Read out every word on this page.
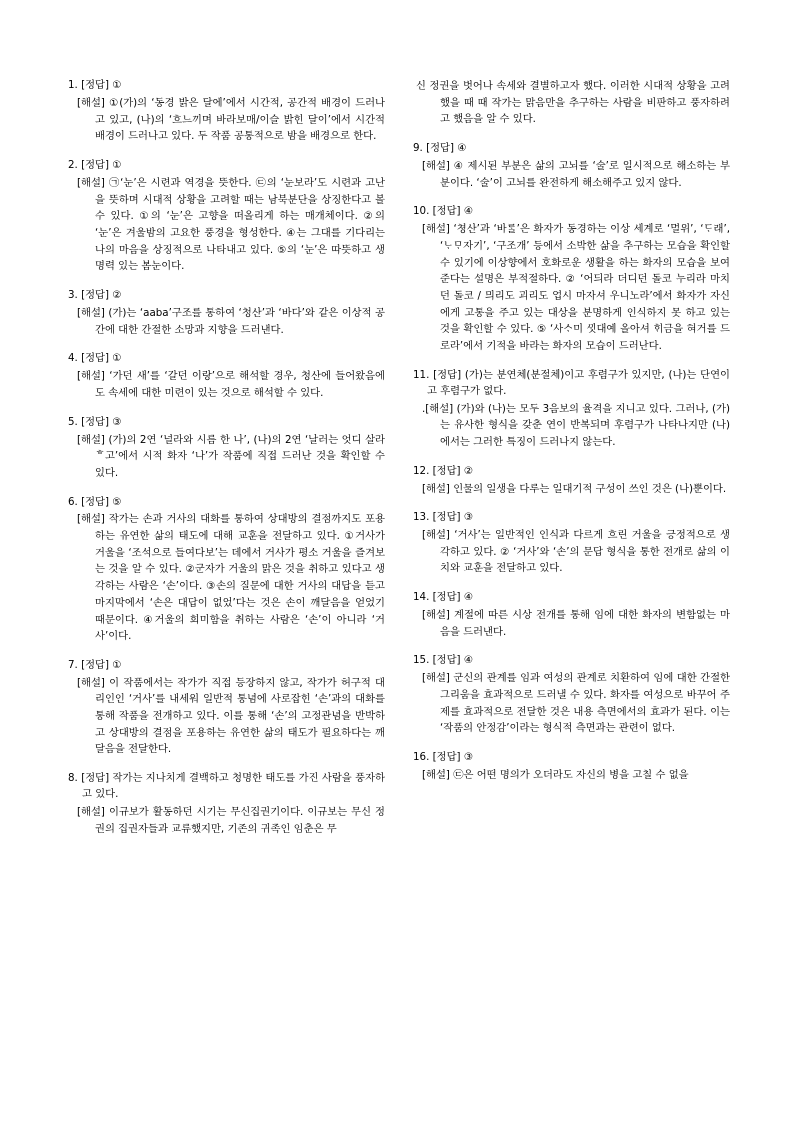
1. [정답] ①

[해설] ①(가)의 ‘동경 밝은 달에’에서 시간적, 공간적 배경이 드러나고 있고, (나)의 ‘흐느끼며 바라보매/이슬 밝힌 달이’에서 시간적 배경이 드러나고 있다. 두 작품 공통적으로 밤을 배경으로 한다.

2. [정답] ①

[해설] ㉠‘눈’은 시련과 역경을 뜻한다. ㉢의 ‘눈보라’도 시련과 고난을 뜻하며 시대적 상황을 고려할 때는 남북분단을 상징한다고 볼 수 있다. ①의 ‘눈’은 고향을 떠올리게 하는 매개체이다. ②의 ‘눈’은 겨울밤의 고요한 풍경을 형성한다. ④는 그대를 기다리는 나의 마음을 상징적으로 나타내고 있다. ⑤의 ‘눈’은 따뜻하고 생명력 있는 봄눈이다.

3. [정답] ②

[해설] (가)는 ‘aaba’구조를 통하여 ‘청산’과 ‘바다’와 같은 이상적 공간에 대한 간절한 소망과 지향을 드러낸다.

4. [정답] ①

[해설] ‘가던 새’를 ‘갈던 이랑’으로 해석할 경우, 청산에 들어왔음에도 속세에 대한 미련이 있는 것으로 해석할 수 있다.

5. [정답] ③

[해설] (가)의 2연 ‘널라와 시름 한 나’, (나)의 2연 ‘날러는 엇디 살라 ᄒ고’에서 시적 화자 ‘나’가 작품에 직접 드러난 것을 확인할 수 있다.

6. [정답] ⑤

[해설] 작가는 손과 거사의 대화를 통하여 상대방의 결점까지도 포용하는 유연한 삶의 태도에 대해 교훈을 전달하고 있다. ①거사가 거울을 ‘조석으로 들여다보’는 데에서 거사가 평소 거울을 즐겨보는 것을 알 수 있다. ②군자가 거울의 맑은 것을 취하고 있다고 생각하는 사람은 ‘손’이다. ③손의 질문에 대한 거사의 대답을 듣고 마지막에서 ‘손은 대답이 없었’다는 것은 손이 깨달음을 얻었기 때문이다. ④거울의 희미함을 취하는 사람은 ‘손’이 아니라 ‘거사’이다.

7. [정답] ①

[해설] 이 작품에서는 작가가 직접 등장하지 않고, 작가가 허구적 대리인인 ‘거사’를 내세워 일반적 통념에 사로잡힌 ‘손’과의 대화를 통해 작품을 전개하고 있다. 이를 통해 ‘손’의 고정관념을 반박하고 상대방의 결점을 포용하는 유연한 삶의 태도가 필요하다는 깨달음을 전달한다.

8. [정답] 작가는 지나치게 결백하고 청명한 태도를 가진 사람을 풍자하고 있다.

[해설] 이규보가 활동하던 시기는 무신집권기이다. 이규보는 무신 정권의 집권자들과 교류했지만, 기존의 귀족인 임춘은 무

신 정권을 벗어나 속세와 결별하고자 했다. 이러한 시대적 상황을 고려했을 때 때 작가는 맑음만을 추구하는 사람을 비판하고 풍자하려고 했음을 알 수 있다.

9. [정답] ④

[해설] ④ 제시된 부분은 삶의 고뇌를 ‘술’로 일시적으로 해소하는 부분이다. ‘술’이 고뇌를 완전하게 해소해주고 있지 않다.

10. [정답] ④

[해설] ‘쳥산’과 ‘바ᄅᆞᆯ’은 화자가 동경하는 이상 세계로 ‘멀위’, ‘ᄃᆞ래’, ‘ᄂᆞᄆᆞ자기’, ‘구조개’ 등에서 소박한 삶을 추구하는 모습을 확인할 수 있기에 이상향에서 호화로운 생활을 하는 화자의 모습을 보여준다는 설명은 부적절하다. ② ‘어듸라 더디던 돌코 누리라 마치던 돌코 / 믜리도 괴리도 업시 마자셔 우니노라’에서 화자가 자신에게 고통을 주고 있는 대상을 분명하게 인식하지 못 하고 있는 것을 확인할 수 있다. ⑤ ‘사ᄉᆞ미 ᄭᅵᆺ대예 올아셔 ᄒᆡ금을 혀거를 드로라’에서 기적을 바라는 화자의 모습이 드러난다.

11. [정답] (가)는 분연체(분절체)이고 후렴구가 있지만, (나)는 단연이고 후렴구가 없다.

.[해설] (가)와 (나)는 모두 3음보의 율격을 지니고 있다. 그러나, (가)는 유사한 형식을 갖춘 연이 반복되며 후렴구가 나타나지만 (나)에서는 그러한 특징이 드러나지 않는다.

12. [정답] ②

[해설] 인물의 일생을 다루는 일대기적 구성이 쓰인 것은 (나)뿐이다.

13. [정답] ③

[해설] ‘거사’는 일반적인 인식과 다르게 흐린 거울을 긍정적으로 생각하고 있다. ② ‘거사’와 ‘손’의 문답 형식을 통한 전개로 삶의 이치와 교훈을 전달하고 있다.

14. [정답] ④

[해설] 계절에 따른 시상 전개를 통해 임에 대한 화자의 변함없는 마음을 드러낸다.

15. [정답] ④

[해설] 군신의 관계를 임과 여성의 관계로 치환하여 임에 대한 간절한 그리움을 효과적으로 드러낼 수 있다. 화자를 여성으로 바꾸어 주제를 효과적으로 전달한 것은 내용 측면에서의 효과가 된다. 이는 ‘작품의 안정감’이라는 형식적 측면과는 관련이 없다.

16. [정답] ③

[해설] ㉢은 어떤 명의가 오더라도 자신의 병을 고칠 수 없을
